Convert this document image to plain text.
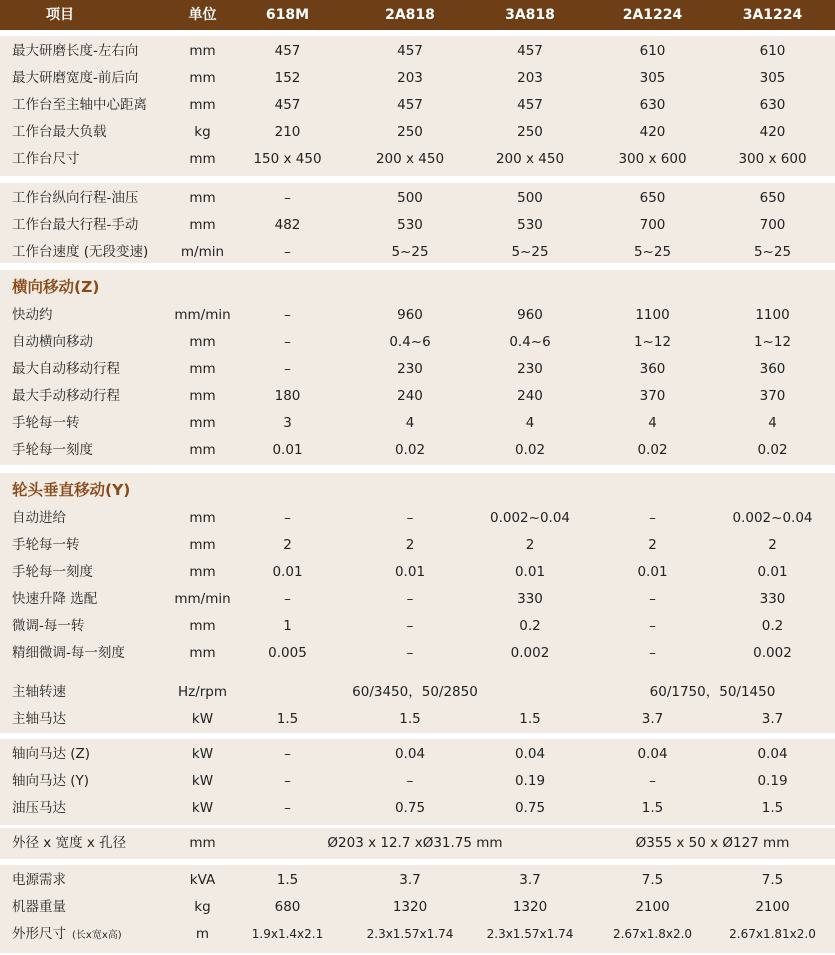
项目	单位	618M	2A818	3A818	2A1224	3A1224
最大研磨长度-左右向	mm	457	457	457	610	610
最大研磨宽度-前后向	mm	152	203	203	305	305
工作台至主轴中心距离	mm	457	457	457	630	630
工作台最大负载	kg	210	250	250	420	420
工作台尺寸	mm	150 x 450	200 x 450	200 x 450	300 x 600	300 x 600
工作台纵向行程-油压	mm	–	500	500	650	650
工作台最大行程-手动	mm	482	530	530	700	700
工作台速度 (无段变速)	m/min	–	5~25	5~25	5~25	5~25
横向移动(Z)
快动约	mm/min	–	960	960	1100	1100
自动横向移动	mm	–	0.4~6	0.4~6	1~12	1~12
最大自动移动行程	mm	–	230	230	360	360
最大手动移动行程	mm	180	240	240	370	370
手轮每一转	mm	3	4	4	4	4
手轮每一刻度	mm	0.01	0.02	0.02	0.02	0.02
轮头垂直移动(Y)
自动进给	mm	–	–	0.002~0.04	–	0.002~0.04
手轮每一转	mm	2	2	2	2	2
手轮每一刻度	mm	0.01	0.01	0.01	0.01	0.01
快速升降 选配	mm/min	–	–	330	–	330
微调-每一转	mm	1	–	0.2	–	0.2
精细微调-每一刻度	mm	0.005	–	0.002	–	0.002
主轴转速	Hz/rpm	60/3450，50/2850	60/1750，50/1450
主轴马达	kW	1.5	1.5	1.5	3.7	3.7
轴向马达 (Z)	kW	–	0.04	0.04	0.04	0.04
轴向马达 (Y)	kW	–	–	0.19	–	0.19
油压马达	kW	–	0.75	0.75	1.5	1.5
外径 x 宽度 x 孔径	mm	Ø203 x 12.7 xØ31.75 mm	Ø355 x 50 x Ø127 mm
电源需求	kVA	1.5	3.7	3.7	7.5	7.5
机器重量	kg	680	1320	1320	2100	2100
外形尺寸 (长x宽x高)	m	1.9x1.4x2.1	2.3x1.57x1.74	2.3x1.57x1.74	2.67x1.8x2.0	2.67x1.81x2.0
